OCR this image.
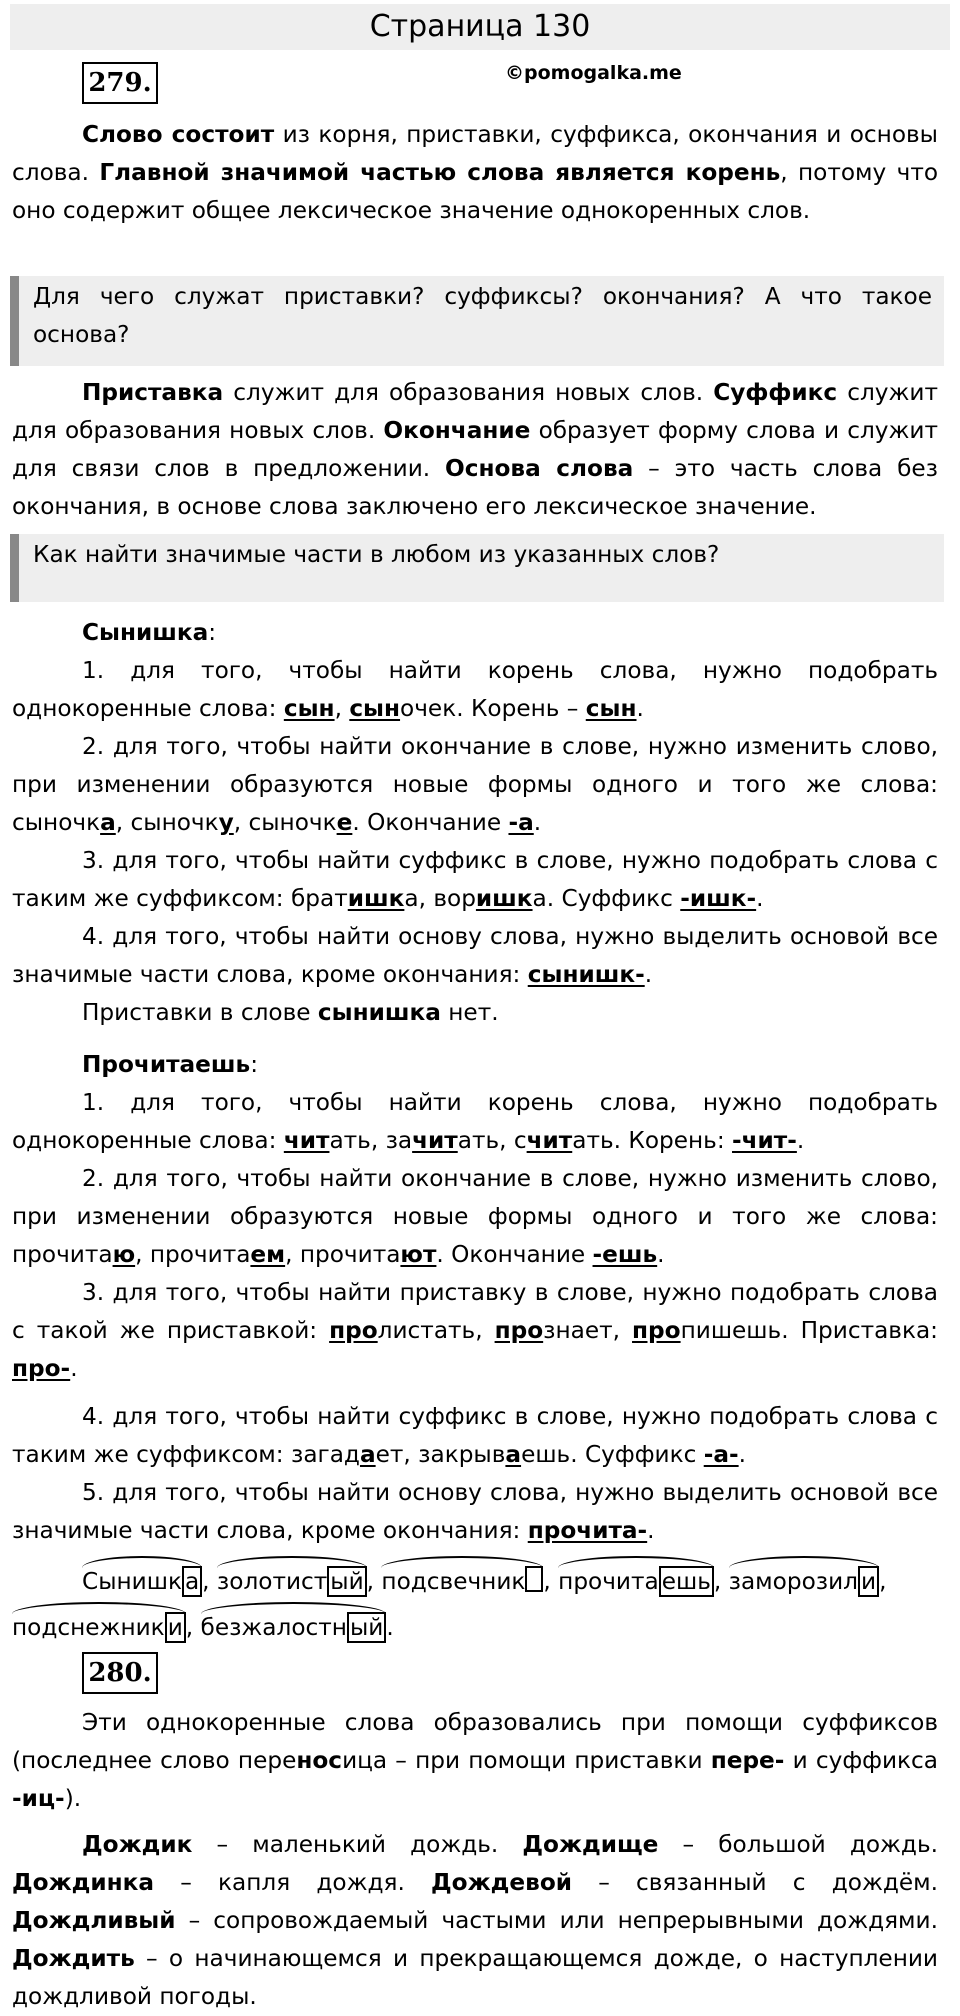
Страница 130
279.	©pomogalka.me

Слово состоит из корня, приставки, суффикса, окончания и основы слова. Главной значимой частью слова является корень, потому что оно содержит общее лексическое значение однокоренных слов.

Для чего служат приставки? суффиксы? окончания? А что такое основа?

Приставка служит для образования новых слов. Суффикс служит для образования новых слов. Окончание образует форму слова и служит для связи слов в предложении. Основа слова – это часть слова без окончания, в основе слова заключено его лексическое значение.

Как найти значимые части в любом из указанных слов?

Сынишка:

1. для того, чтобы найти корень слова, нужно подобрать однокоренные слова: сын, сыночек. Корень – сын.

2. для того, чтобы найти окончание в слове, нужно изменить слово, при изменении образуются новые формы одного и того же слова: сыночка, сыночку, сыночке. Окончание -а.

3. для того, чтобы найти суффикс в слове, нужно подобрать слова с таким же суффиксом: братишка, воришка. Суффикс -ишк-.

4. для того, чтобы найти основу слова, нужно выделить основой все значимые части слова, кроме окончания: сынишк-.

Приставки в слове сынишка нет.

Прочитаешь:

1. для того, чтобы найти корень слова, нужно подобрать однокоренные слова: читать, зачитать, считать. Корень: -чит-.

2. для того, чтобы найти окончание в слове, нужно изменить слово, при изменении образуются новые формы одного и того же слова: прочитаю, прочитаем, прочитают. Окончание -ешь.

3. для того, чтобы найти приставку в слове, нужно подобрать слова с такой же приставкой: пролистать, прознает, пропишешь. Приставка: про-.

4. для того, чтобы найти суффикс в слове, нужно подобрать слова с таким же суффиксом: загадает, закрываешь. Суффикс -а-.

5. для того, чтобы найти основу слова, нужно выделить основой все значимые части слова, кроме окончания: прочита-.

Сынишк а , золотист ый , подсвечник , прочита ешь , заморозил и ,
подснежник и , безжалостн ый .
280.

Эти однокоренные слова образовались при помощи суффиксов (последнее слово переносица – при помощи приставки пере- и суффикса -иц-).

Дождик – маленький дождь. Дождище – большой дождь. Дождинка – капля дождя. Дождевой – связанный с дождём. Дождливый – сопровождаемый частыми или непрерывными дождями. Дождить – о начинающемся и прекращающемся дожде, о наступлении дождливой погоды.
